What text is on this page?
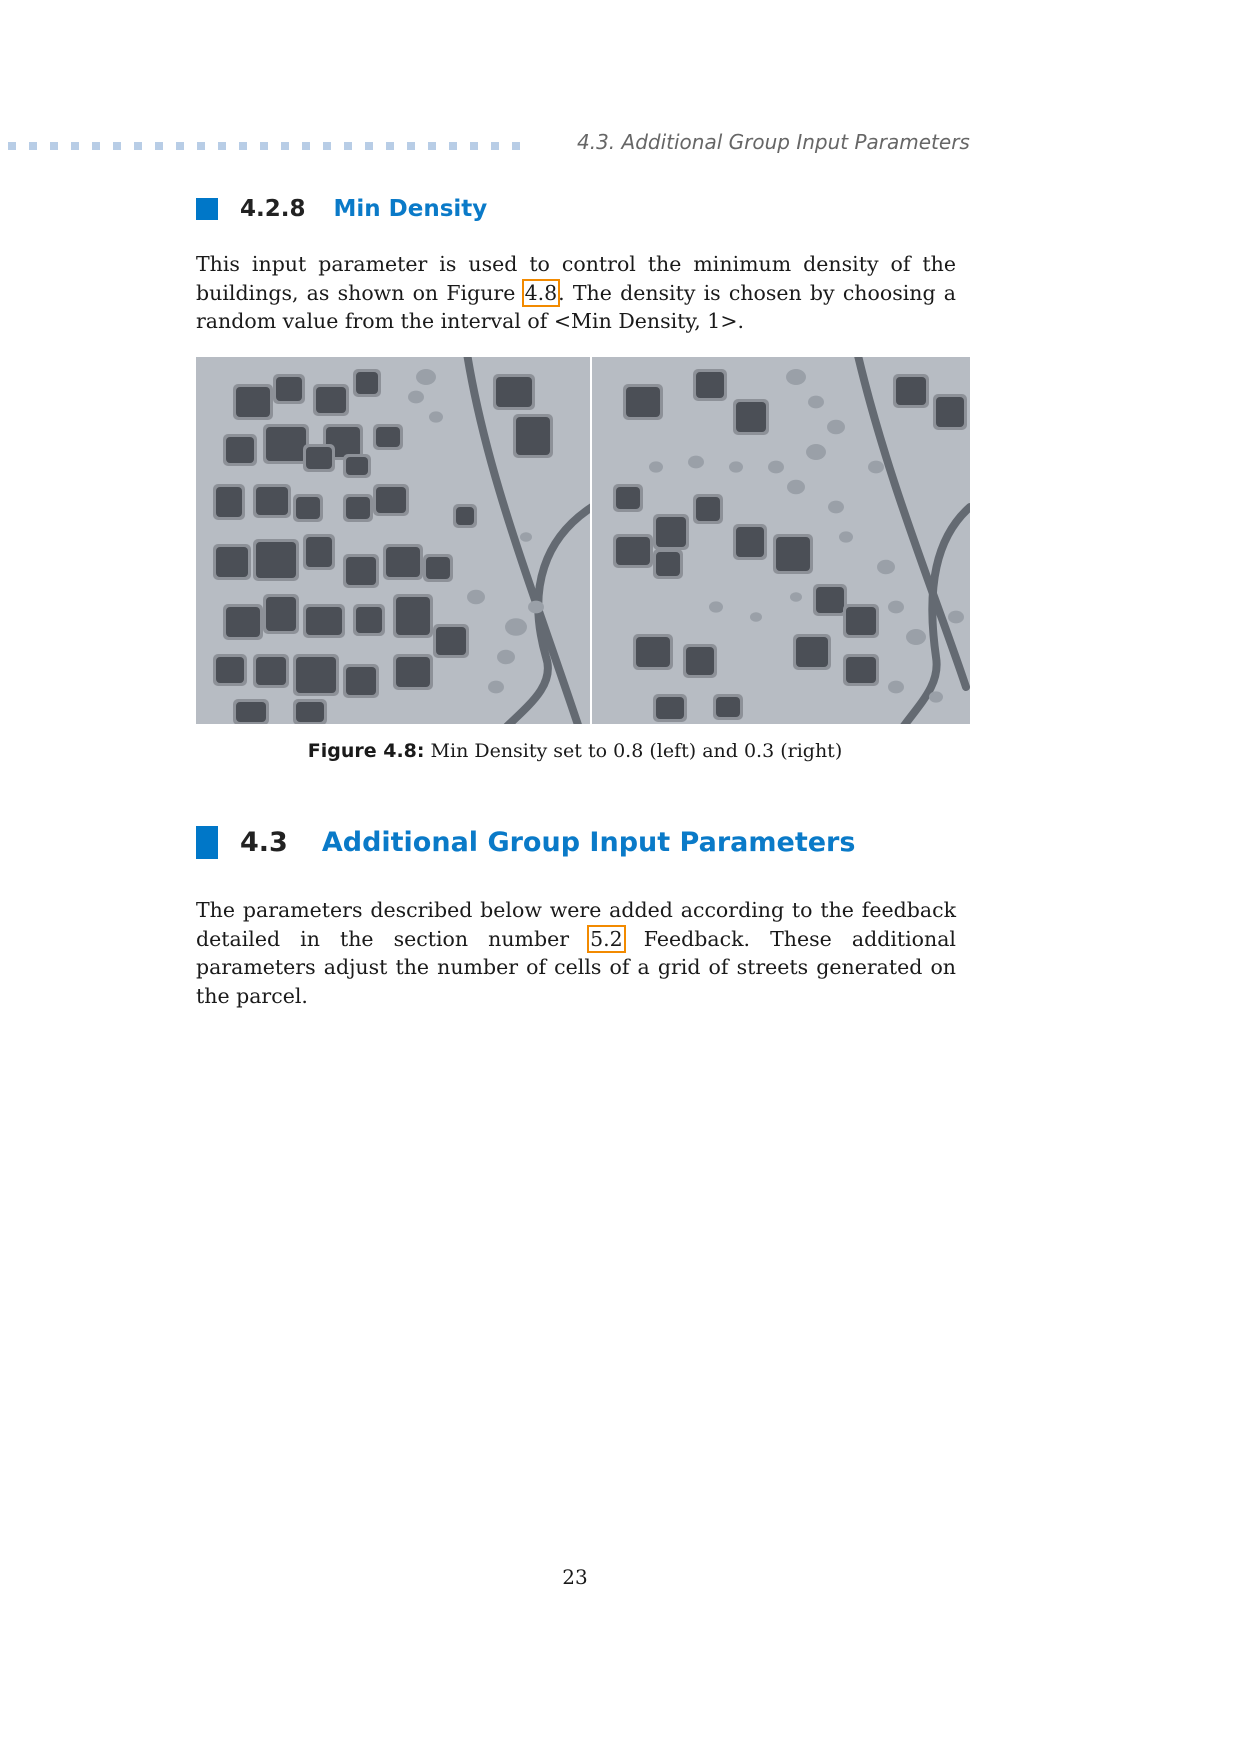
4.3. Additional Group Input Parameters
4.2.8 Min Density

This input parameter is used to control the minimum density of the buildings, as shown on Figure 4.8. The density is chosen by choosing a random value from the interval of <Min Density, 1>.

Figure 4.8: Min Density set to 0.8 (left) and 0.3 (right)
4.3 Additional Group Input Parameters

The parameters described below were added according to the feedback detailed in the section number 5.2 Feedback. These additional parameters adjust the number of cells of a grid of streets generated on the parcel.

23
